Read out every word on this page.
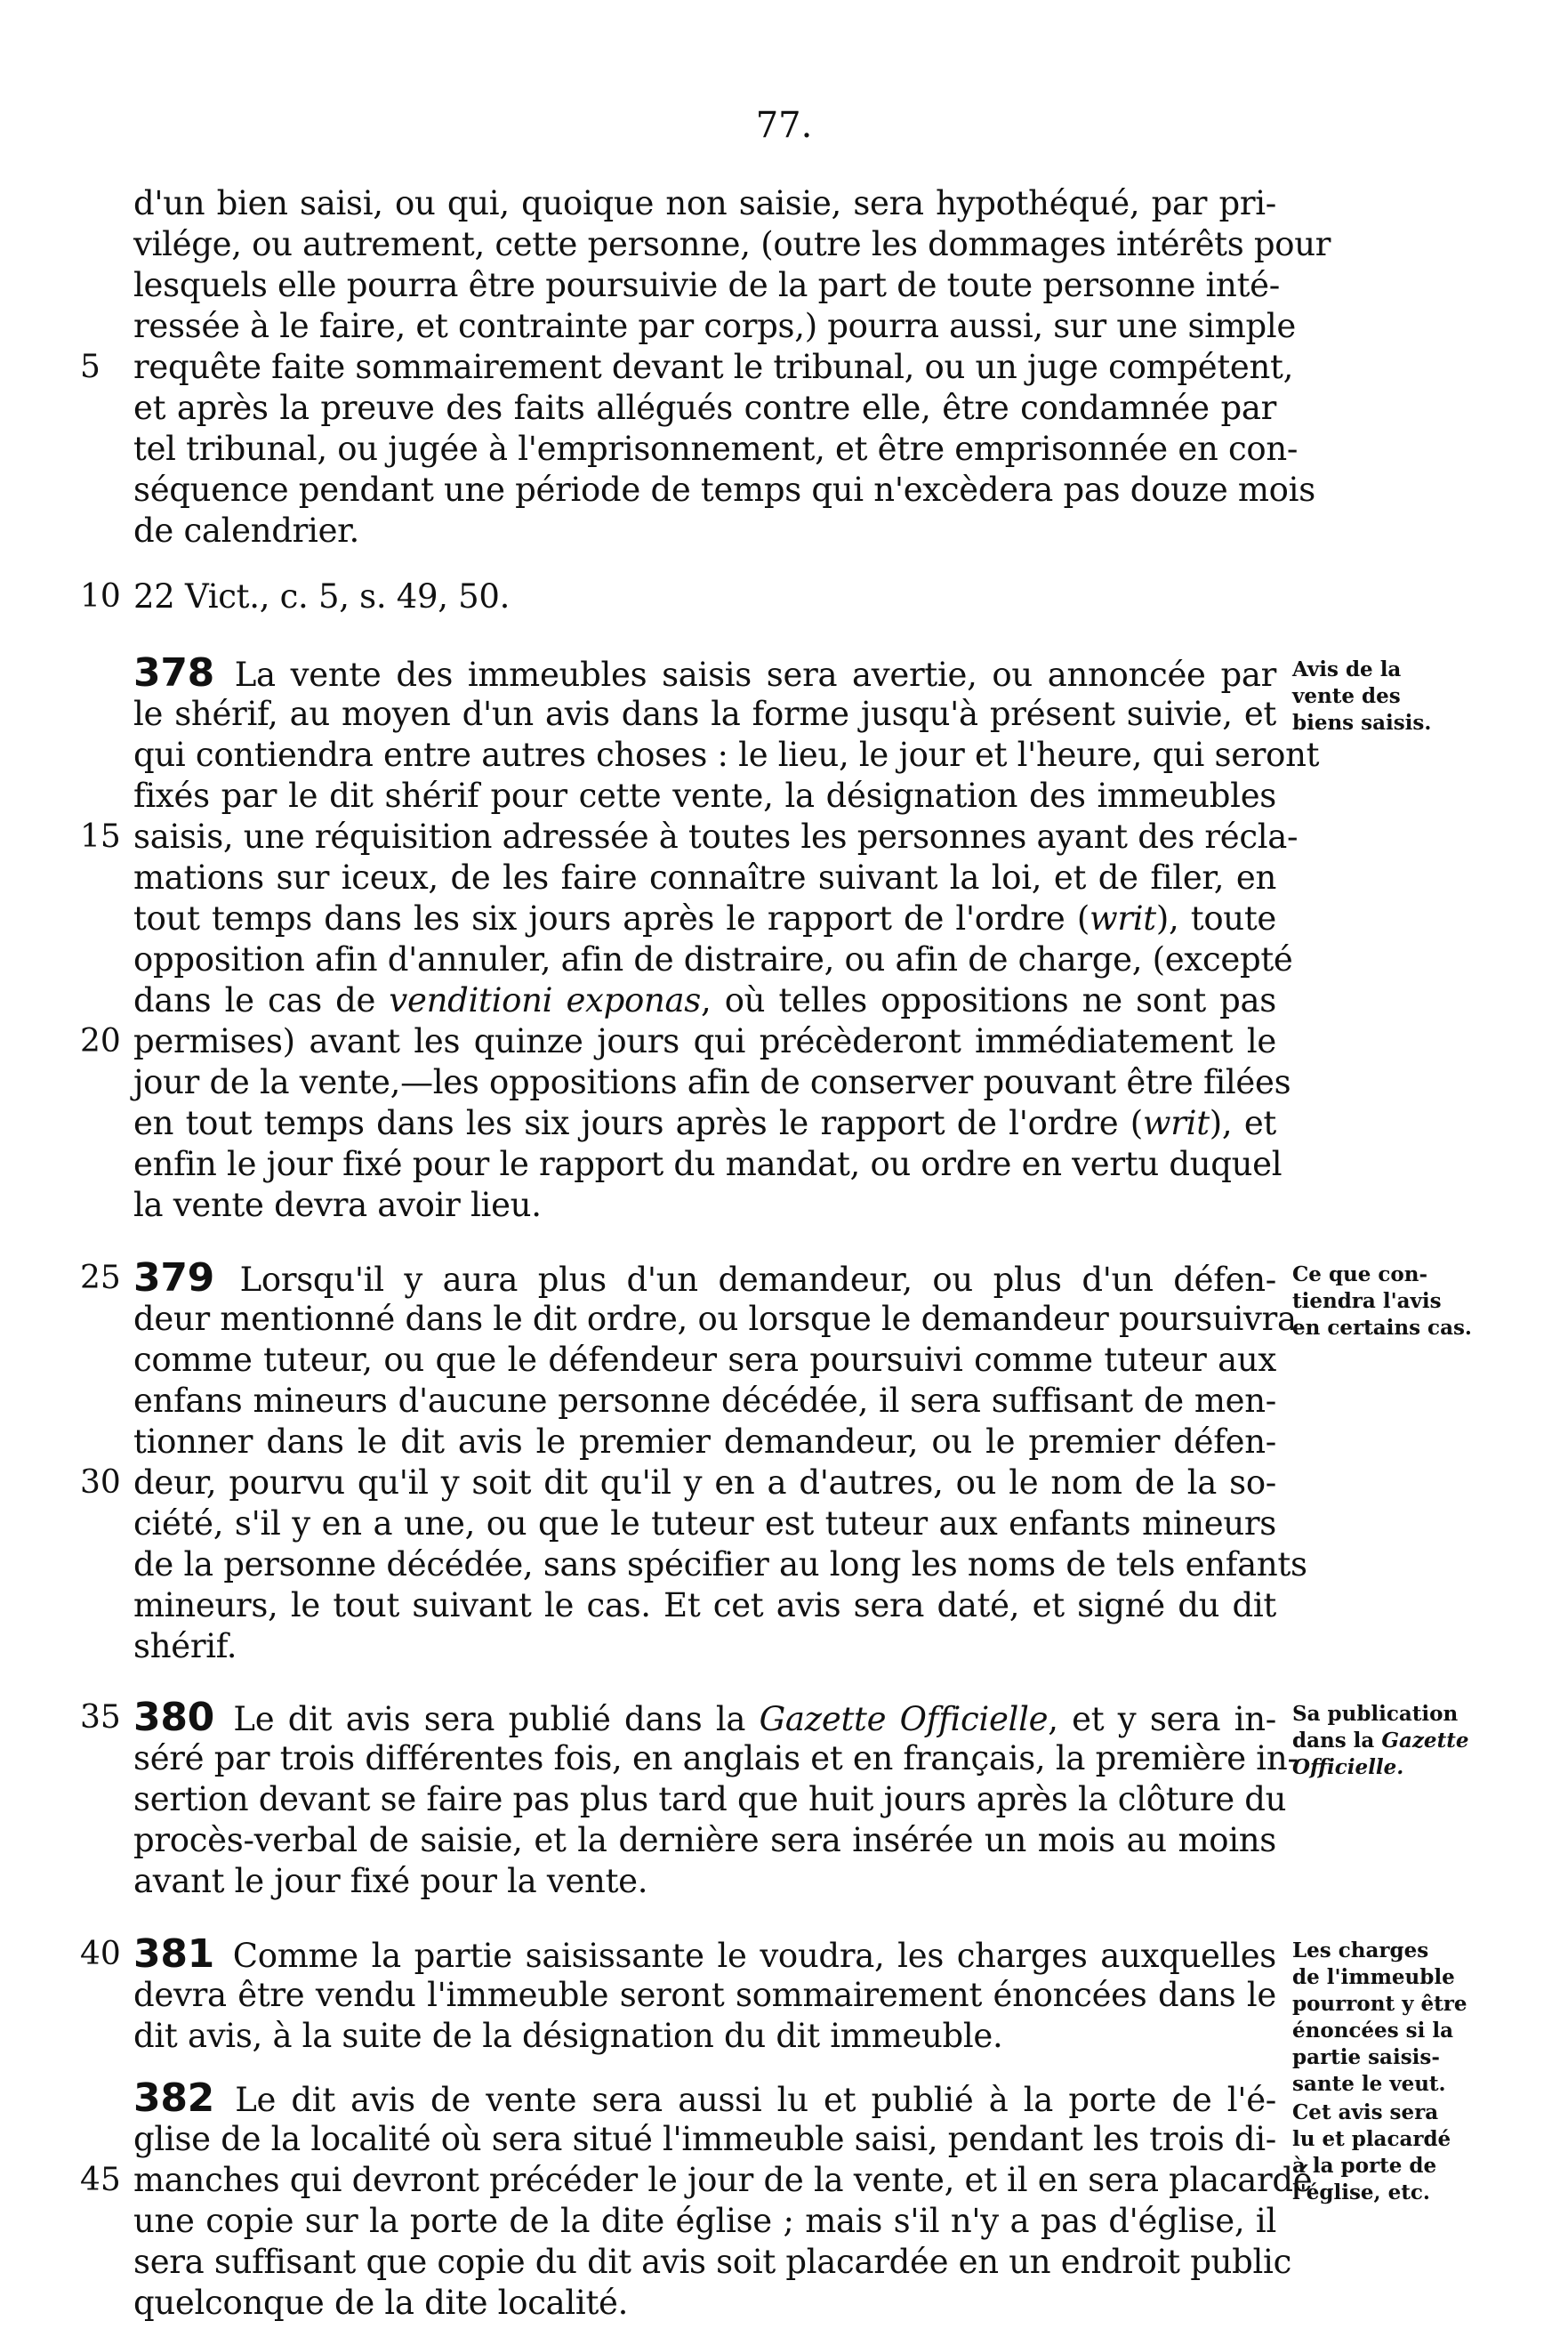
77.
d'un bien saisi, ou qui, quoique non saisie, sera hypothéqué, par pri-
vilége, ou autrement, cette personne, (outre les dommages intérêts pour
lesquels elle pourra être poursuivie de la part de toute personne inté-
ressée à le faire, et contrainte par corps,) pourra aussi, sur une simple
5	requête faite sommairement devant le tribunal, ou un juge compétent,
et après la preuve des faits allégués contre elle, être condamnée par
tel tribunal, ou jugée à l'emprisonnement, et être emprisonnée en con-
séquence pendant une période de temps qui n'excèdera pas douze mois
de calendrier.
10 22 Vict., c. 5, s. 49, 50.
378 La vente des immeubles saisis sera avertie, ou annoncée par
le shérif, au moyen d'un avis dans la forme jusqu'à présent suivie, et
qui contiendra entre autres choses : le lieu, le jour et l'heure, qui seront
fixés par le dit shérif pour cette vente, la désignation des immeubles
15 saisis, une réquisition adressée à toutes les personnes ayant des récla-
mations sur iceux, de les faire connaître suivant la loi, et de filer, en
tout temps dans les six jours après le rapport de l'ordre (writ), toute
opposition afin d'annuler, afin de distraire, ou afin de charge, (excepté
dans le cas de venditioni exponas, où telles oppositions ne sont pas
20 permises) avant les quinze jours qui précèderont immédiatement le
jour de la vente,—les oppositions afin de conserver pouvant être filées
en tout temps dans les six jours après le rapport de l'ordre (writ), et
enfin le jour fixé pour le rapport du mandat, ou ordre en vertu duquel
la vente devra avoir lieu.
Avis de la
vente des
biens saisis.
25 379 Lorsqu'il y aura plus d'un demandeur, ou plus d'un défen-
deur mentionné dans le dit ordre, ou lorsque le demandeur poursuivra
comme tuteur, ou que le défendeur sera poursuivi comme tuteur aux
enfans mineurs d'aucune personne décédée, il sera suffisant de men-
tionner dans le dit avis le premier demandeur, ou le premier défen-
30 deur, pourvu qu'il y soit dit qu'il y en a d'autres, ou le nom de la so-
ciété, s'il y en a une, ou que le tuteur est tuteur aux enfants mineurs
de la personne décédée, sans spécifier au long les noms de tels enfants
mineurs, le tout suivant le cas. Et cet avis sera daté, et signé du dit
shérif.
Ce que con-
tiendra l'avis
en certains cas.
35 380 Le dit avis sera publié dans la Gazette Officielle, et y sera in-
séré par trois différentes fois, en anglais et en français, la première in-
sertion devant se faire pas plus tard que huit jours après la clôture du
procès-verbal de saisie, et la dernière sera insérée un mois au moins
avant le jour fixé pour la vente.
Sa publication
dans la Gazette
Officielle.
40 381 Comme la partie saisissante le voudra, les charges auxquelles
devra être vendu l'immeuble seront sommairement énoncées dans le
dit avis, à la suite de la désignation du dit immeuble.
Les charges
de l'immeuble
pourront y être
énoncées si la
partie saisis-
sante le veut.
382 Le dit avis de vente sera aussi lu et publié à la porte de l'é-
glise de la localité où sera situé l'immeuble saisi, pendant les trois di-
45 manches qui devront précéder le jour de la vente, et il en sera placardé
une copie sur la porte de la dite église ; mais s'il n'y a pas d'église, il
sera suffisant que copie du dit avis soit placardée en un endroit public
quelconque de la dite localité.
Cet avis sera
lu et placardé
à la porte de
l'église, etc.
